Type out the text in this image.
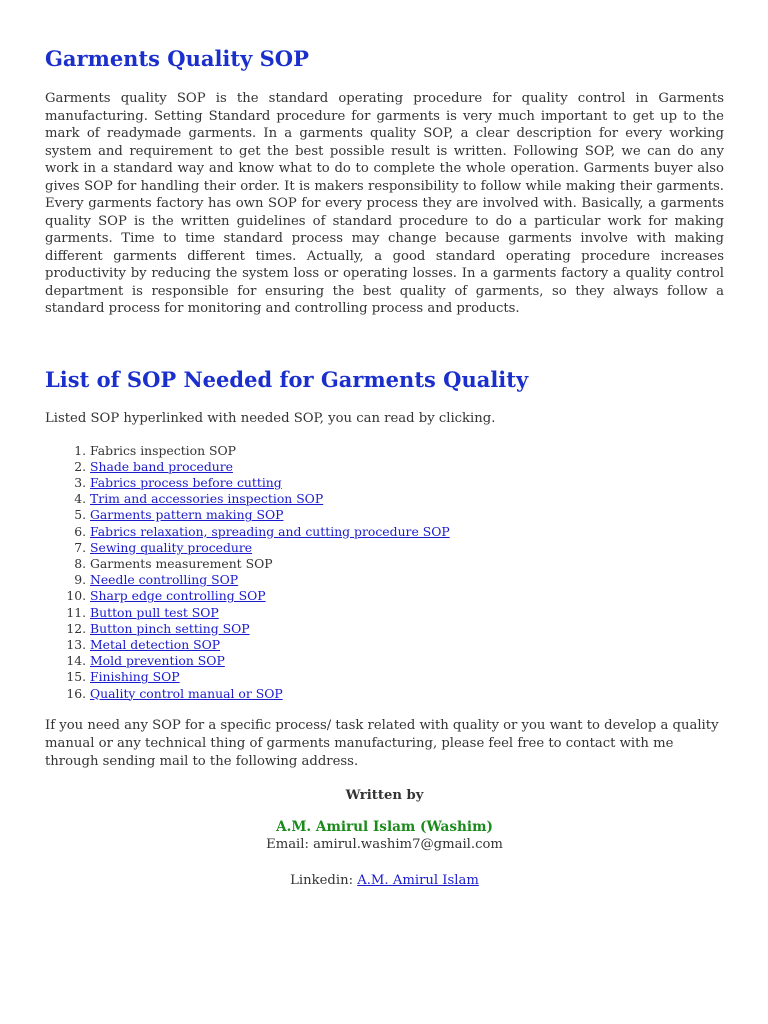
Garments Quality SOP

Garments quality SOP is the standard operating procedure for quality control in Garments manufacturing. Setting Standard procedure for garments is very much important to get up to the mark of readymade garments. In a garments quality SOP, a clear description for every working system and requirement to get the best possible result is written. Following SOP, we can do any work in a standard way and know what to do to complete the whole operation. Garments buyer also gives SOP for handling their order. It is makers responsibility to follow while making their garments. Every garments factory has own SOP for every process they are involved with. Basically, a garments quality SOP is the written guidelines of standard procedure to do a particular work for making garments. Time to time standard process may change because garments involve with making different garments different times. Actually, a good standard operating procedure increases productivity by reducing the system loss or operating losses. In a garments factory a quality control department is responsible for ensuring the best quality of garments, so they always follow a standard process for monitoring and controlling process and products.

List of SOP Needed for Garments Quality

Listed SOP hyperlinked with needed SOP, you can read by clicking.

1. Fabrics inspection SOP
2. Shade band procedure
3. Fabrics process before cutting
4. Trim and accessories inspection SOP
5. Garments pattern making SOP
6. Fabrics relaxation, spreading and cutting procedure SOP
7. Sewing quality procedure
8. Garments measurement SOP
9. Needle controlling SOP
10. Sharp edge controlling SOP
11. Button pull test SOP
12. Button pinch setting SOP
13. Metal detection SOP
14. Mold prevention SOP
15. Finishing SOP
16. Quality control manual or SOP

If you need any SOP for a specific process/ task related with quality or you want to develop a quality manual or any technical thing of garments manufacturing, please feel free to contact with me through sending mail to the following address.

Written by
A.M. Amirul Islam (Washim)
Email: amirul.washim7@gmail.com
Linkedin: A.M. Amirul Islam
